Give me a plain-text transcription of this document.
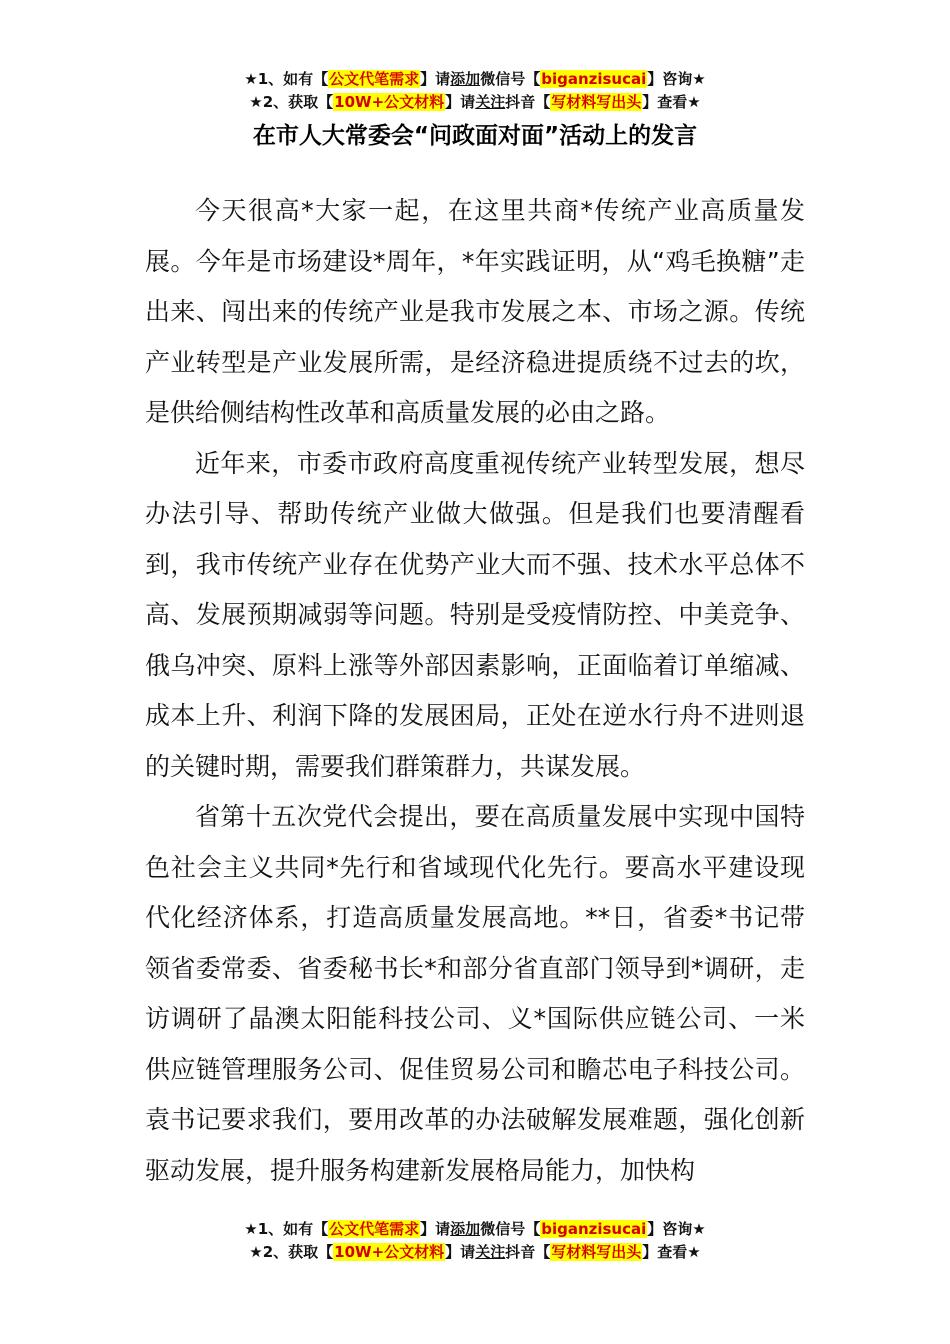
★1、如有【公文代笔需求】请添加微信号【biganzisucai】咨询★
★2、获取【10W+公文材料】请关注抖音【写材料写出头】查看★
在市人大常委会“问政面对面”活动上的发言

今天很高*大家一起，在这里共商*传统产业高质量发展。今年是市场建设*周年，*年实践证明，从“鸡毛换糖”走出来、闯出来的传统产业是我市发展之本、市场之源。传统产业转型是产业发展所需，是经济稳进提质绕不过去的坎，是供给侧结构性改革和高质量发展的必由之路。

近年来，市委市政府高度重视传统产业转型发展，想尽办法引导、帮助传统产业做大做强。但是我们也要清醒看到，我市传统产业存在优势产业大而不强、技术水平总体不高、发展预期减弱等问题。特别是受疫情防控、中美竞争、俄乌冲突、原料上涨等外部因素影响，正面临着订单缩减、成本上升、利润下降的发展困局，正处在逆水行舟不进则退的关键时期，需要我们群策群力，共谋发展。

省第十五次党代会提出，要在高质量发展中实现中国特色社会主义共同*先行和省域现代化先行。要高水平建设现代化经济体系，打造高质量发展高地。**日，省委*书记带领省委常委、省委秘书长*和部分省直部门领导到*调研，走访调研了晶澳太阳能科技公司、义*国际供应链公司、一米供应链管理服务公司、促佳贸易公司和瞻芯电子科技公司。袁书记要求我们，要用改革的办法破解发展难题，强化创新驱动发展，提升服务构建新发展格局能力，加快构

★1、如有【公文代笔需求】请添加微信号【biganzisucai】咨询★
★2、获取【10W+公文材料】请关注抖音【写材料写出头】查看★
